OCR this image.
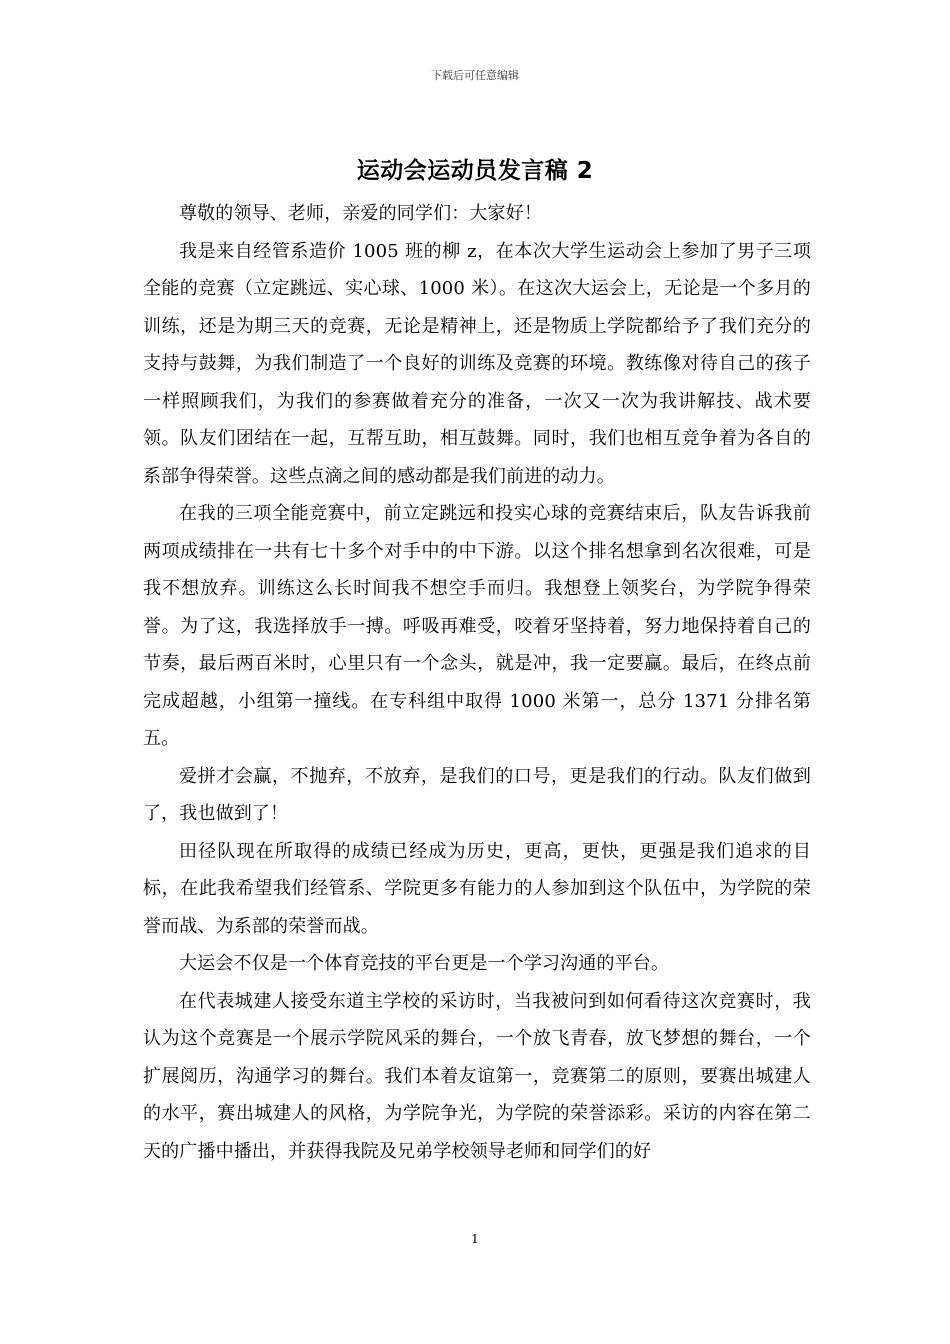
下载后可任意编辑
运动会运动员发言稿 2

尊敬的领导、老师，亲爱的同学们：大家好！

我是来自经管系造价 1005 班的柳 z，在本次大学生运动会上参加了男子三项全能的竞赛（立定跳远、实心球、1000 米）。在这次大运会上，无论是一个多月的训练，还是为期三天的竞赛，无论是精神上，还是物质上学院都给予了我们充分的支持与鼓舞，为我们制造了一个良好的训练及竞赛的环境。教练像对待自己的孩子一样照顾我们，为我们的参赛做着充分的准备，一次又一次为我讲解技、战术要领。队友们团结在一起，互帮互助，相互鼓舞。同时，我们也相互竞争着为各自的系部争得荣誉。这些点滴之间的感动都是我们前进的动力。

在我的三项全能竞赛中，前立定跳远和投实心球的竞赛结束后，队友告诉我前两项成绩排在一共有七十多个对手中的中下游。以这个排名想拿到名次很难，可是我不想放弃。训练这么长时间我不想空手而归。我想登上领奖台，为学院争得荣誉。为了这，我选择放手一搏。呼吸再难受，咬着牙坚持着，努力地保持着自己的节奏，最后两百米时，心里只有一个念头，就是冲，我一定要赢。最后，在终点前完成超越，小组第一撞线。在专科组中取得 1000 米第一，总分 1371 分排名第五。

爱拼才会赢，不抛弃，不放弃，是我们的口号，更是我们的行动。队友们做到了，我也做到了！

田径队现在所取得的成绩已经成为历史，更高，更快，更强是我们追求的目标，在此我希望我们经管系、学院更多有能力的人参加到这个队伍中，为学院的荣誉而战、为系部的荣誉而战。

大运会不仅是一个体育竞技的平台更是一个学习沟通的平台。

在代表城建人接受东道主学校的采访时，当我被问到如何看待这次竞赛时，我认为这个竞赛是一个展示学院风采的舞台，一个放飞青春，放飞梦想的舞台，一个扩展阅历，沟通学习的舞台。我们本着友谊第一，竞赛第二的原则，要赛出城建人的水平，赛出城建人的风格，为学院争光，为学院的荣誉添彩。采访的内容在第二天的广播中播出，并获得我院及兄弟学校领导老师和同学们的好

1
